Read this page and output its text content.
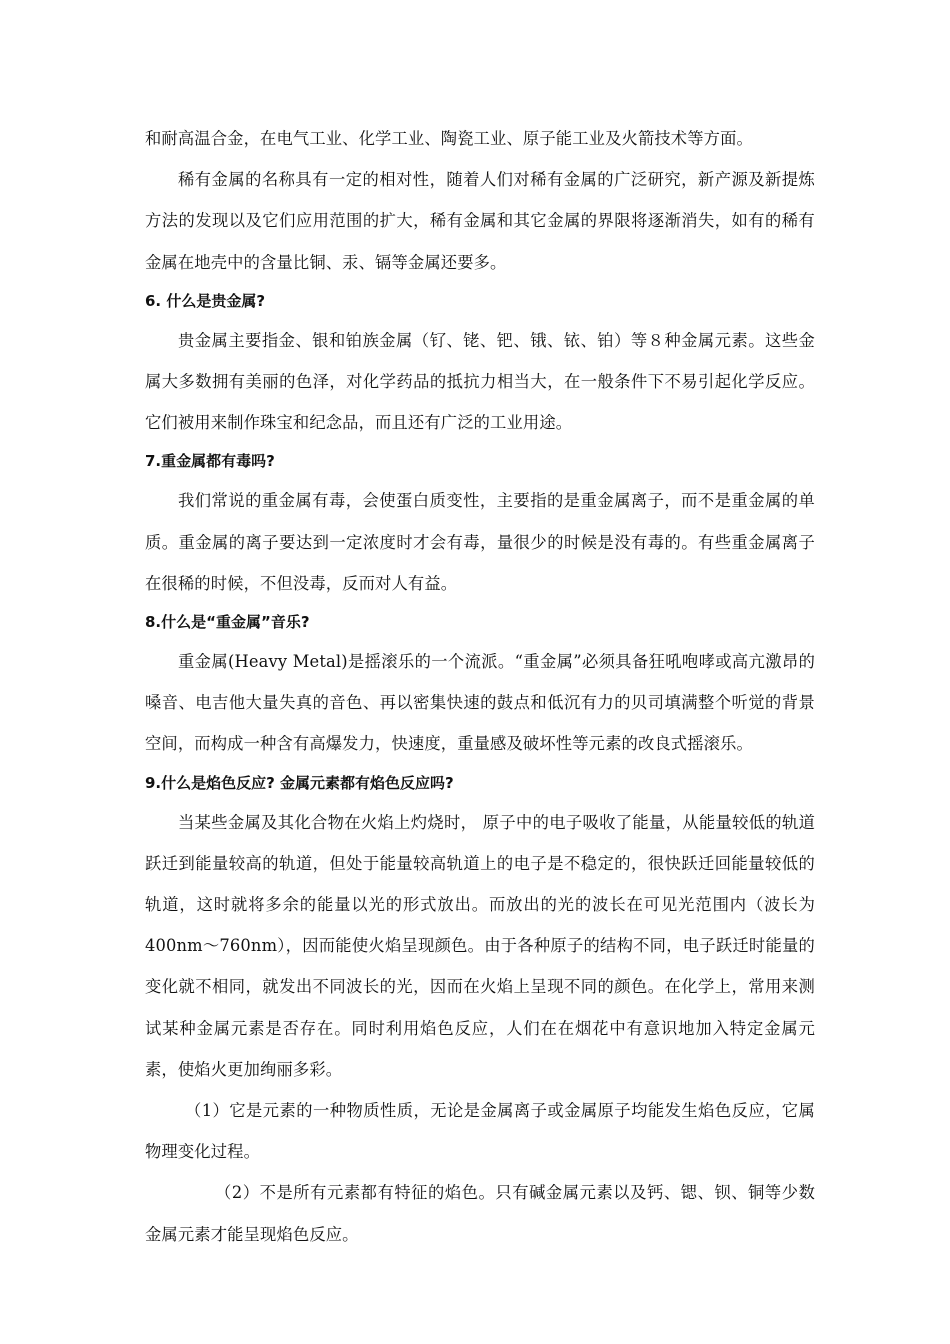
和耐高温合金，在电气工业、化学工业、陶瓷工业、原子能工业及火箭技术等方面。

稀有金属的名称具有一定的相对性，随着人们对稀有金属的广泛研究，新产源及新提炼方法的发现以及它们应用范围的扩大，稀有金属和其它金属的界限将逐渐消失，如有的稀有金属在地壳中的含量比铜、汞、镉等金属还要多。

6. 什么是贵金属?

贵金属主要指金、银和铂族金属（钌、铑、钯、锇、铱、铂）等８种金属元素。这些金属大多数拥有美丽的色泽，对化学药品的抵抗力相当大，在一般条件下不易引起化学反应。它们被用来制作珠宝和纪念品，而且还有广泛的工业用途。

7.重金属都有毒吗?

我们常说的重金属有毒，会使蛋白质变性，主要指的是重金属离子，而不是重金属的单质。重金属的离子要达到一定浓度时才会有毒，量很少的时候是没有毒的。有些重金属离子在很稀的时候，不但没毒，反而对人有益。

8.什么是“重金属”音乐?

重金属(Heavy Metal)是摇滚乐的一个流派。“重金属”必须具备狂吼咆哮或高亢激昂的嗓音、电吉他大量失真的音色、再以密集快速的鼓点和低沉有力的贝司填满整个听觉的背景空间，而构成一种含有高爆发力，快速度，重量感及破坏性等元素的改良式摇滚乐。

9.什么是焰色反应? 金属元素都有焰色反应吗?

当某些金属及其化合物在火焰上灼烧时， 原子中的电子吸收了能量，从能量较低的轨道跃迁到能量较高的轨道，但处于能量较高轨道上的电子是不稳定的，很快跃迁回能量较低的轨道，这时就将多余的能量以光的形式放出。而放出的光的波长在可见光范围内（波长为400nm～760nm），因而能使火焰呈现颜色。由于各种原子的结构不同，电子跃迁时能量的变化就不相同，就发出不同波长的光，因而在火焰上呈现不同的颜色。在化学上，常用来测试某种金属元素是否存在。同时利用焰色反应，人们在在烟花中有意识地加入特定金属元素，使焰火更加绚丽多彩。

（1）它是元素的一种物质性质，无论是金属离子或金属原子均能发生焰色反应，它属物理变化过程。

（2）不是所有元素都有特征的焰色。只有碱金属元素以及钙、锶、钡、铜等少数金属元素才能呈现焰色反应。
